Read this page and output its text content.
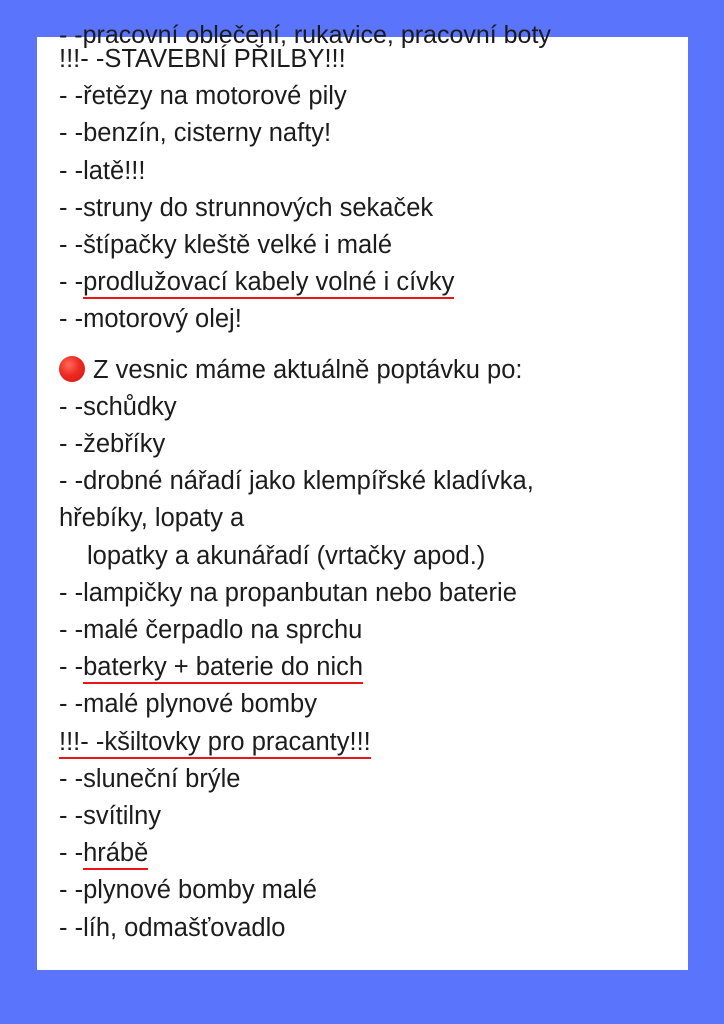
- -pracovní oblečení, rukavice, pracovní boty
!!!- -STAVEBNÍ PŘILBY!!!
- -řetězy na motorové pily
- -benzín, cisterny nafty!
- -latě!!!
- -struny do strunnových sekaček
- -štípačky kleště velké i malé
- -prodlužovací kabely volné i cívky
- -motorový olej!
Z vesnic máme aktuálně poptávku po:
- -schůdky
- -žebříky
- -drobné nářadí jako klempířské kladívka,
hřebíky, lopaty a
lopatky a akunářadí (vrtačky apod.)
- -lampičky na propanbutan nebo baterie
- -malé čerpadlo na sprchu
- -baterky + baterie do nich
- -malé plynové bomby
!!!- -kšiltovky pro pracanty!!!
- -sluneční brýle
- -svítilny
- -hrábě
- -plynové bomby malé
- -líh, odmašťovadlo
